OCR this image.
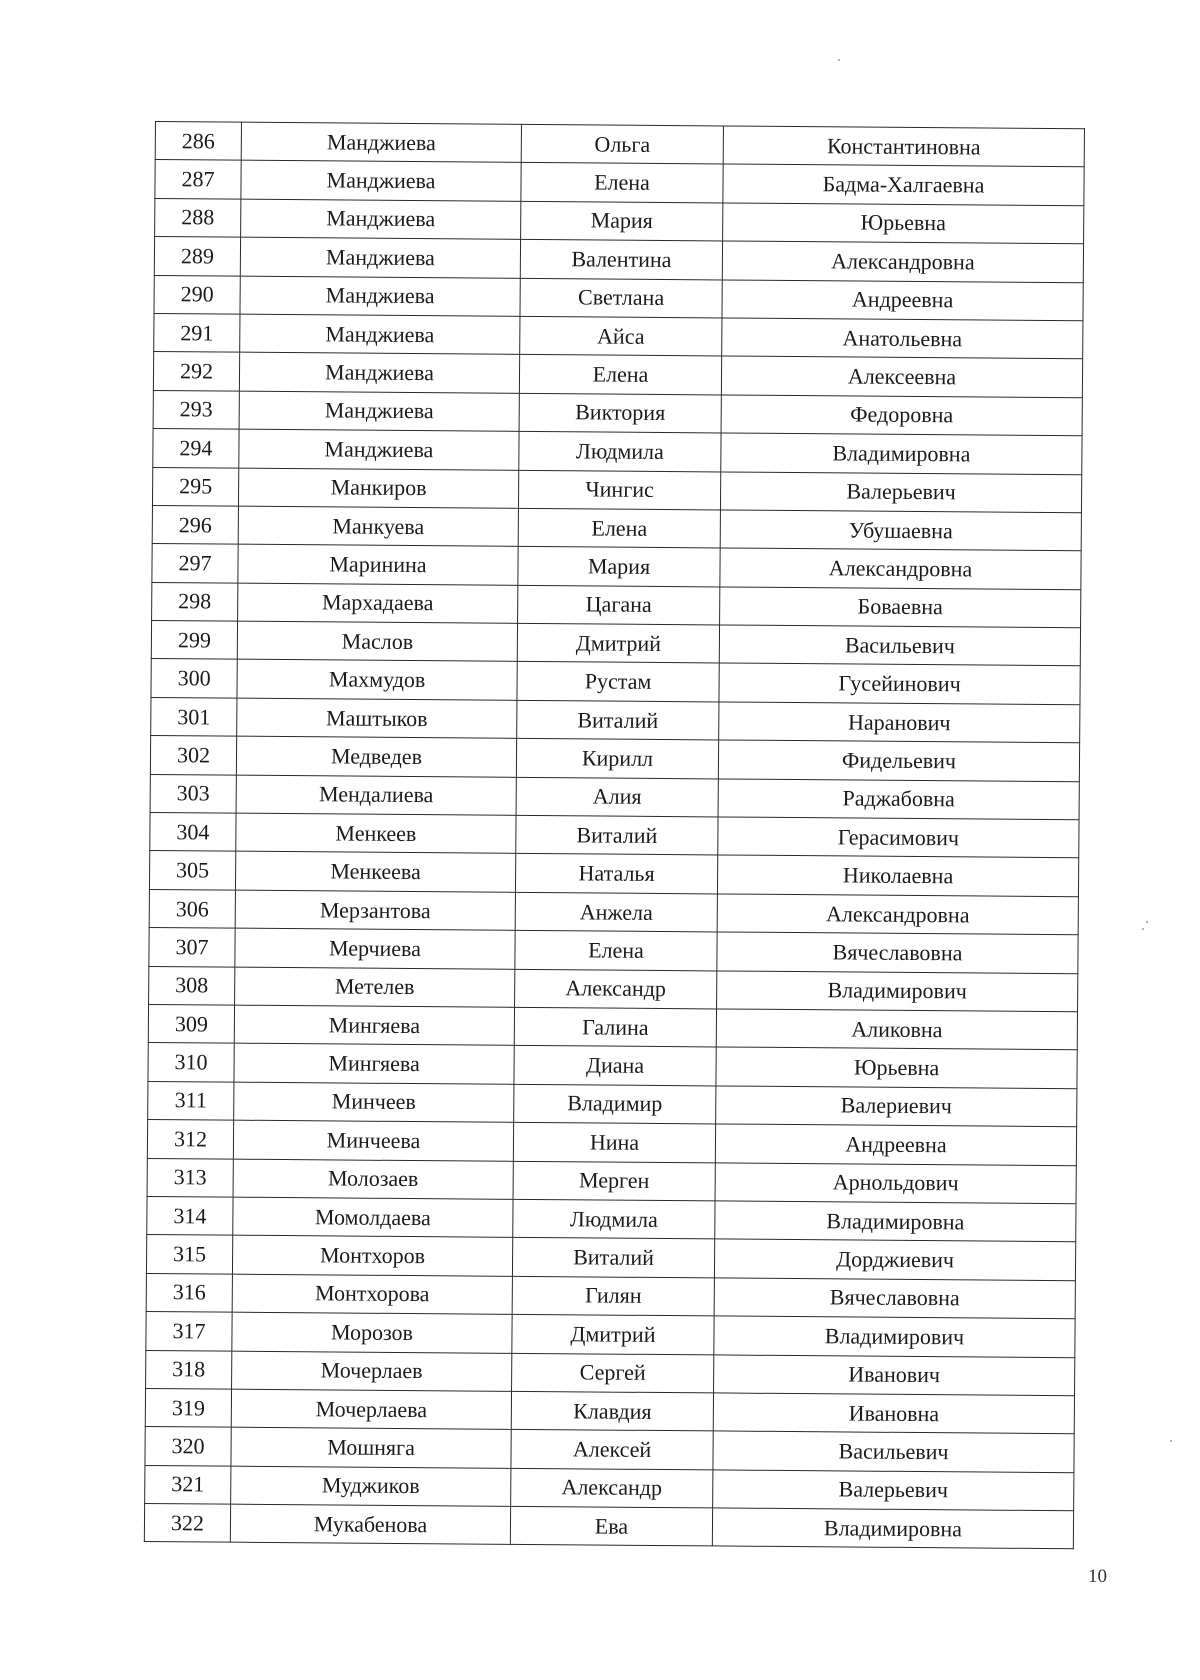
286	Манджиева	Ольга	Константиновна
287	Манджиева	Елена	Бадма-Халгаевна
288	Манджиева	Мария	Юрьевна
289	Манджиева	Валентина	Александровна
290	Манджиева	Светлана	Андреевна
291	Манджиева	Айса	Анатольевна
292	Манджиева	Елена	Алексеевна
293	Манджиева	Виктория	Федоровна
294	Манджиева	Людмила	Владимировна
295	Манкиров	Чингис	Валерьевич
296	Манкуева	Елена	Убушаевна
297	Маринина	Мария	Александровна
298	Мархадаева	Цагана	Боваевна
299	Маслов	Дмитрий	Васильевич
300	Махмудов	Рустам	Гусейинович
301	Маштыков	Виталий	Наранович
302	Медведев	Кирилл	Фидельевич
303	Мендалиева	Алия	Раджабовна
304	Менкеев	Виталий	Герасимович
305	Менкеева	Наталья	Николаевна
306	Мерзантова	Анжела	Александровна
307	Мерчиева	Елена	Вячеславовна
308	Метелев	Александр	Владимирович
309	Мингяева	Галина	Аликовна
310	Мингяева	Диана	Юрьевна
311	Минчеев	Владимир	Валериевич
312	Минчеева	Нина	Андреевна
313	Молозаев	Мерген	Арнольдович
314	Момолдаева	Людмила	Владимировна
315	Монтхоров	Виталий	Дорджиевич
316	Монтхорова	Гилян	Вячеславовна
317	Морозов	Дмитрий	Владимирович
318	Мочерлаев	Сергей	Иванович
319	Мочерлаева	Клавдия	Ивановна
320	Мошняга	Алексей	Васильевич
321	Муджиков	Александр	Валерьевич
322	Мукабенова	Ева	Владимировна
10
